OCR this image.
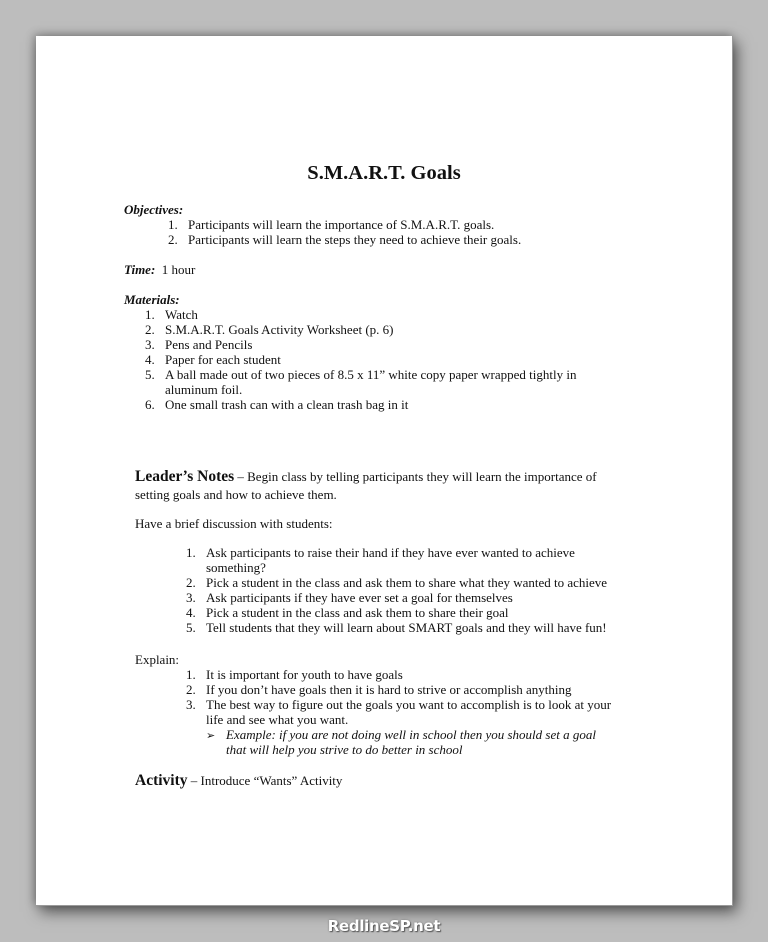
S.M.A.R.T. Goals
Objectives:
1. Participants will learn the importance of S.M.A.R.T. goals.
2. Participants will learn the steps they need to achieve their goals.
Time: 1 hour
Materials:
1. Watch
2. S.M.A.R.T. Goals Activity Worksheet (p. 6)
3. Pens and Pencils
4. Paper for each student
5. A ball made out of two pieces of 8.5 x 11” white copy paper wrapped tightly in
aluminum foil.
6. One small trash can with a clean trash bag in it
Leader’s Notes – Begin class by telling participants they will learn the importance of
setting goals and how to achieve them.
Have a brief discussion with students:
1. Ask participants to raise their hand if they have ever wanted to achieve
something?
2. Pick a student in the class and ask them to share what they wanted to achieve
3. Ask participants if they have ever set a goal for themselves
4. Pick a student in the class and ask them to share their goal
5. Tell students that they will learn about SMART goals and they will have fun!
Explain:
1. It is important for youth to have goals
2. If you don’t have goals then it is hard to strive or accomplish anything
3. The best way to figure out the goals you want to accomplish is to look at your
life and see what you want.
➢ Example: if you are not doing well in school then you should set a goal
that will help you strive to do better in school
Activity – Introduce “Wants” Activity
RedlineSP.net
